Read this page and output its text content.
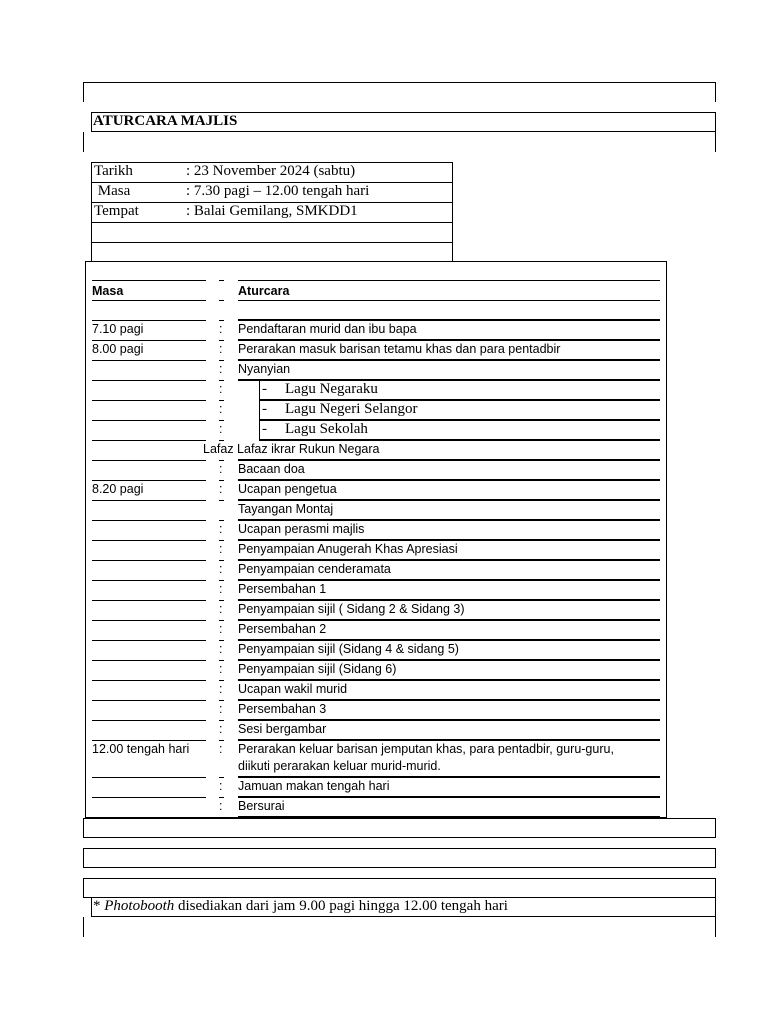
ATURCARA MAJLIS
Tarikh	: 23 November 2024 (sabtu)
Masa	: 7.30 pagi – 12.00 tengah hari
Tempat	: Balai Gemilang, SMKDD1
Masa	Aturcara
7.10 pagi	: Pendaftaran murid dan ibu bapa
8.00 pagi	: Perarakan masuk barisan tetamu khas dan para pentadbir
: Nyanyian
:	- Lagu Negaraku
:	- Lagu Negeri Selangor
:	- Lagu Sekolah
Lafaz Lafaz ikrar Rukun Negara
: Bacaan doa
8.20 pagi	: Ucapan pengetua
Tayangan Montaj
: Ucapan perasmi majlis
: Penyampaian Anugerah Khas Apresiasi
: Penyampaian cenderamata
: Persembahan 1
: Penyampaian sijil ( Sidang 2 & Sidang 3)
: Persembahan 2
: Penyampaian sijil (Sidang 4 & sidang 5)
: Penyampaian sijil (Sidang 6)
: Ucapan wakil murid
: Persembahan 3
: Sesi bergambar
12.00 tengah hari : Perarakan keluar barisan jemputan khas, para pentadbir, guru-guru,
diikuti perarakan keluar murid-murid.
: Jamuan makan tengah hari
: Bersurai
* Photobooth disediakan dari jam 9.00 pagi hingga 12.00 tengah hari
